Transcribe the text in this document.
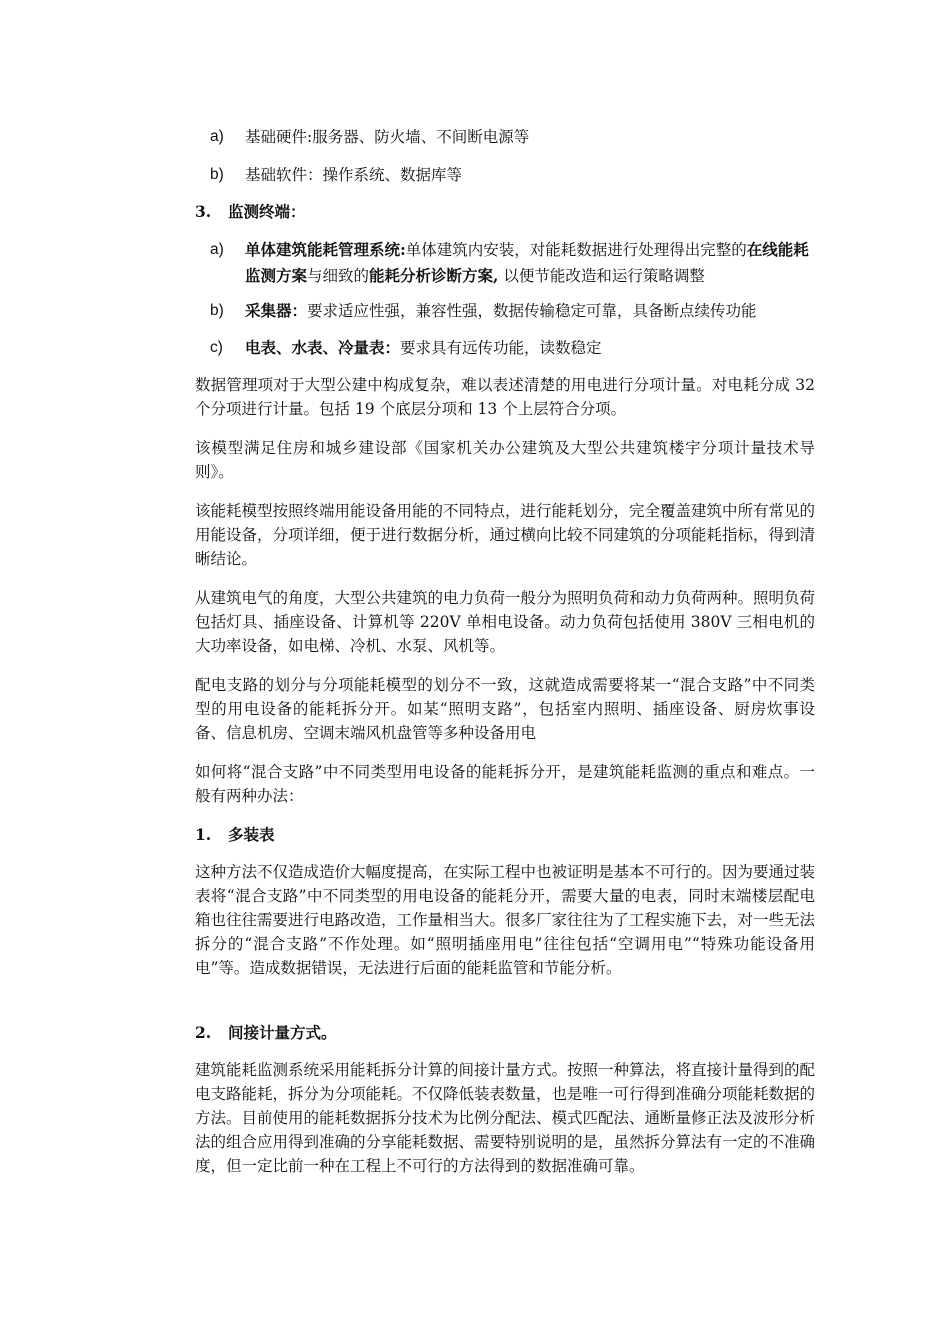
a)	基础硬件:服务器、防火墙、不间断电源等
b)	基础软件：操作系统、数据库等
3.	监测终端：
a)	单体建筑能耗管理系统:单体建筑内安装，对能耗数据进行处理得出完整的在线能耗监测方案与细致的能耗分析诊断方案, 以便节能改造和运行策略调整
b)	采集器：要求适应性强，兼容性强，数据传输稳定可靠，具备断点续传功能
c)	电表、水表、冷量表：要求具有远传功能，读数稳定

数据管理项对于大型公建中构成复杂，难以表述清楚的用电进行分项计量。对电耗分成 32 个分项进行计量。包括 19 个底层分项和 13 个上层符合分项。

该模型满足住房和城乡建设部《国家机关办公建筑及大型公共建筑楼宇分项计量技术导则》。

该能耗模型按照终端用能设备用能的不同特点，进行能耗划分，完全覆盖建筑中所有常见的用能设备，分项详细，便于进行数据分析，通过横向比较不同建筑的分项能耗指标，得到清晰结论。

从建筑电气的角度，大型公共建筑的电力负荷一般分为照明负荷和动力负荷两种。照明负荷包括灯具、插座设备、计算机等 220V 单相电设备。动力负荷包括使用 380V 三相电机的大功率设备，如电梯、冷机、水泵、风机等。

配电支路的划分与分项能耗模型的划分不一致，这就造成需要将某一“混合支路”中不同类型的用电设备的能耗拆分开。如某“照明支路”，包括室内照明、插座设备、厨房炊事设备、信息机房、空调末端风机盘管等多种设备用电

如何将“混合支路”中不同类型用电设备的能耗拆分开，是建筑能耗监测的重点和难点。一般有两种办法：

1.	多装表

这种方法不仅造成造价大幅度提高，在实际工程中也被证明是基本不可行的。因为要通过装表将“混合支路”中不同类型的用电设备的能耗分开，需要大量的电表，同时末端楼层配电箱也往往需要进行电路改造，工作量相当大。很多厂家往往为了工程实施下去，对一些无法拆分的“混合支路”不作处理。如“照明插座用电”往往包括“空调用电”“特殊功能设备用电”等。造成数据错误，无法进行后面的能耗监管和节能分析。

2.	间接计量方式。

建筑能耗监测系统采用能耗拆分计算的间接计量方式。按照一种算法，将直接计量得到的配电支路能耗，拆分为分项能耗。不仅降低装表数量，也是唯一可行得到准确分项能耗数据的方法。目前使用的能耗数据拆分技术为比例分配法、模式匹配法、通断量修正法及波形分析法的组合应用得到准确的分享能耗数据、需要特别说明的是，虽然拆分算法有一定的不准确度，但一定比前一种在工程上不可行的方法得到的数据准确可靠。
